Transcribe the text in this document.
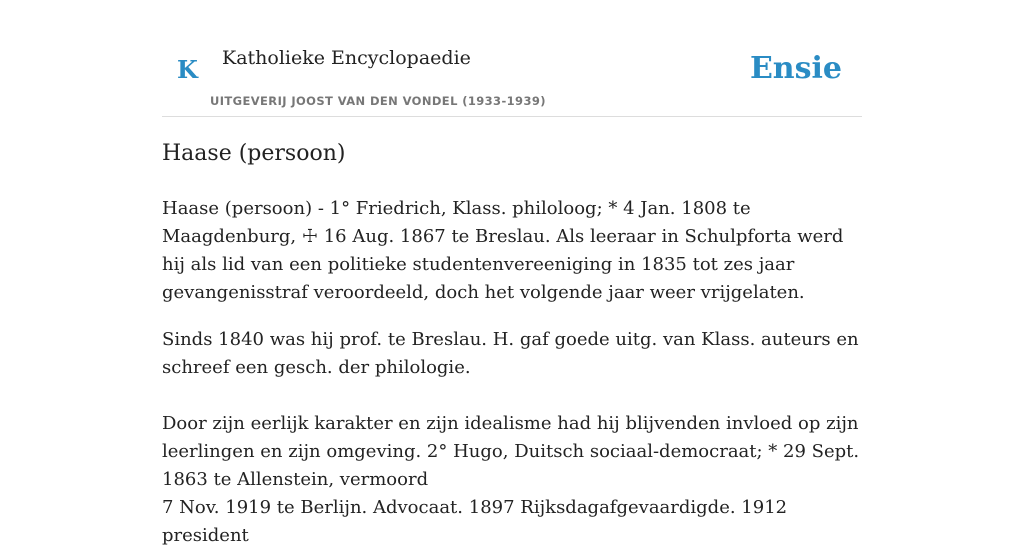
K Katholieke Encyclopaedie
UITGEVERIJ JOOST VAN DEN VONDEL (1933-1939)
Ensie
Haase (persoon)

Haase (persoon) - 1° Friedrich, Klass. philoloog; * 4 Jan. 1808 te Maagdenburg, ☩ 16 Aug. 1867 te Breslau. Als leeraar in Schulpforta werd hij als lid van een politieke studentenvereeniging in 1835 tot zes jaar gevangenisstraf veroordeeld, doch het volgende jaar weer vrijgelaten.

Sinds 1840 was hij prof. te Breslau. H. gaf goede uitg. van Klass. auteurs en schreef een gesch. der philologie.

Door zijn eerlijk karakter en zijn idealisme had hij blijvenden invloed op zijn leerlingen en zijn omgeving. 2° Hugo, Duitsch sociaal-democraat; * 29 Sept. 1863 te Allenstein, vermoord

7 Nov. 1919 te Berlijn. Advocaat. 1897 Rijksdagafgevaardigde. 1912 president
